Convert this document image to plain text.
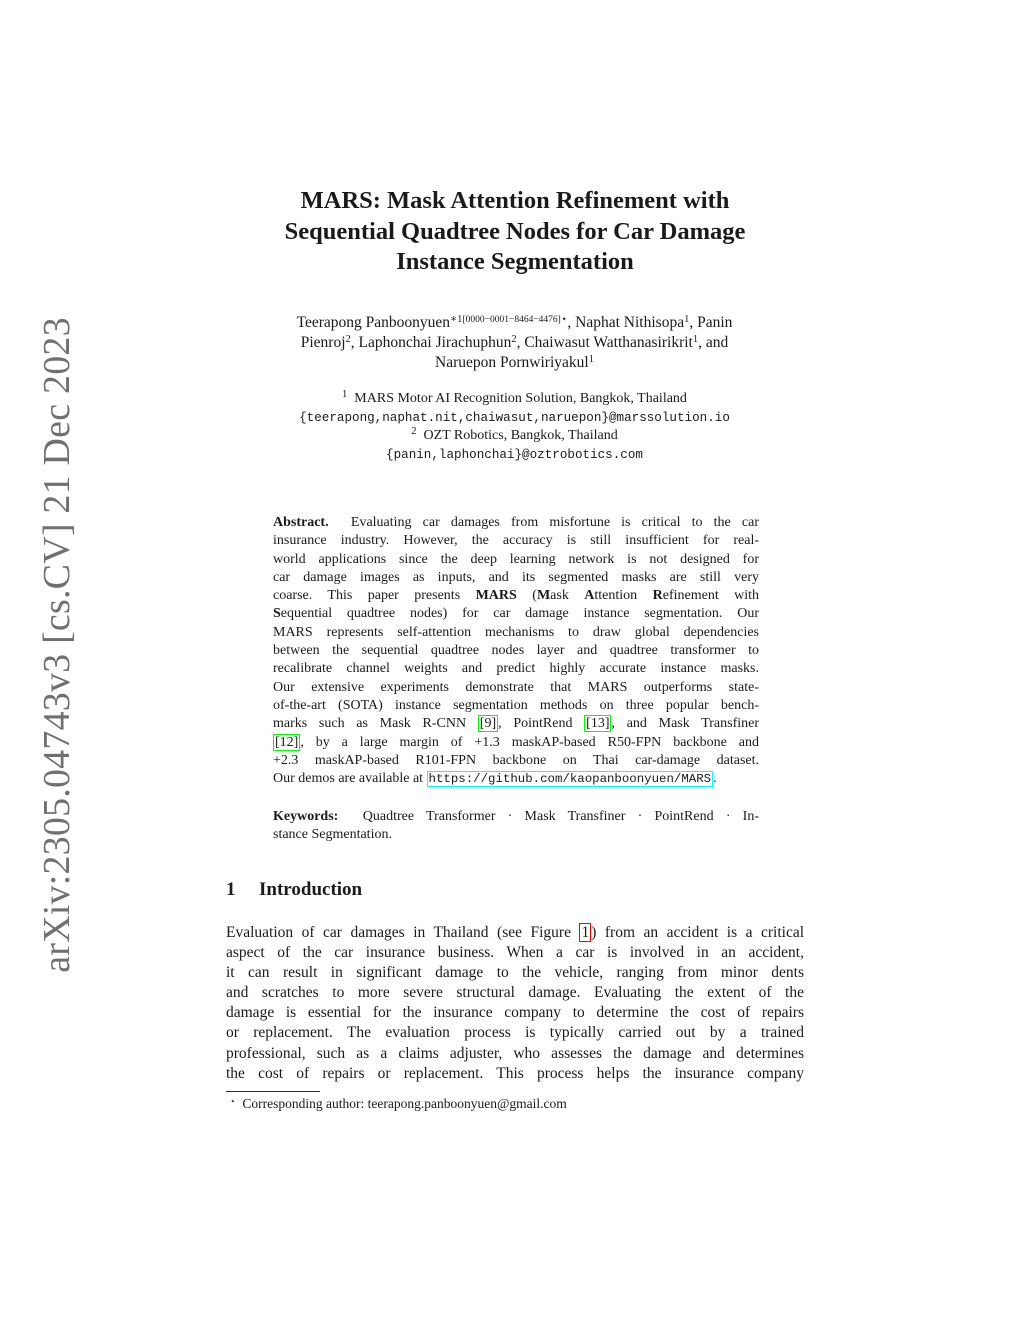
arXiv:2305.04743v3 [cs.CV] 21 Dec 2023
MARS: Mask Attention Refinement with
Sequential Quadtree Nodes for Car Damage
Instance Segmentation
Teerapong Panboonyuen$^{∗1[0000-0001-8464-4476]⋆}$, Naphat Nithisopa$^1$, Panin
Pienroj$^2$, Laphonchai Jirachuphun$^2$, Chaiwasut Watthanasirikrit$^1$, and
Naruepon Pornwiriyakul$^1$
$^1$ MARS Motor AI Recognition Solution, Bangkok, Thailand
{teerapong,naphat.nit,chaiwasut,naruepon}@marssolution.io
$^2$ OZT Robotics, Bangkok, Thailand
{panin,laphonchai}@oztrobotics.com
Abstract. Evaluating car damages from misfortune is critical to the car
insurance industry. However, the accuracy is still insufficient for real-
world applications since the deep learning network is not designed for
car damage images as inputs, and its segmented masks are still very
coarse. This paper presents MARS (Mask Attention Refinement with
Sequential quadtree nodes) for car damage instance segmentation. Our
MARS represents self-attention mechanisms to draw global dependencies
between the sequential quadtree nodes layer and quadtree transformer to
recalibrate channel weights and predict highly accurate instance masks.
Our extensive experiments demonstrate that MARS outperforms state-
of-the-art (SOTA) instance segmentation methods on three popular bench-
marks such as Mask R-CNN [9] , PointRend [13] , and Mask Transfiner
[12] , by a large margin of +1.3 maskAP-based R50-FPN backbone and
+2.3 maskAP-based R101-FPN backbone on Thai car-damage dataset.
Our demos are available at https://github.com/kaopanboonyuen/MARS .
Keywords: Quadtree Transformer · Mask Transfiner · PointRend · In-
stance Segmentation.
1 Introduction
Evaluation of car damages in Thailand (see Figure 1 ) from an accident is a critical
aspect of the car insurance business. When a car is involved in an accident,
it can result in significant damage to the vehicle, ranging from minor dents
and scratches to more severe structural damage. Evaluating the extent of the
damage is essential for the insurance company to determine the cost of repairs
or replacement. The evaluation process is typically carried out by a trained
professional, such as a claims adjuster, who assesses the damage and determines
the cost of repairs or replacement. This process helps the insurance company
⋆ Corresponding author: teerapong.panboonyuen@gmail.com
